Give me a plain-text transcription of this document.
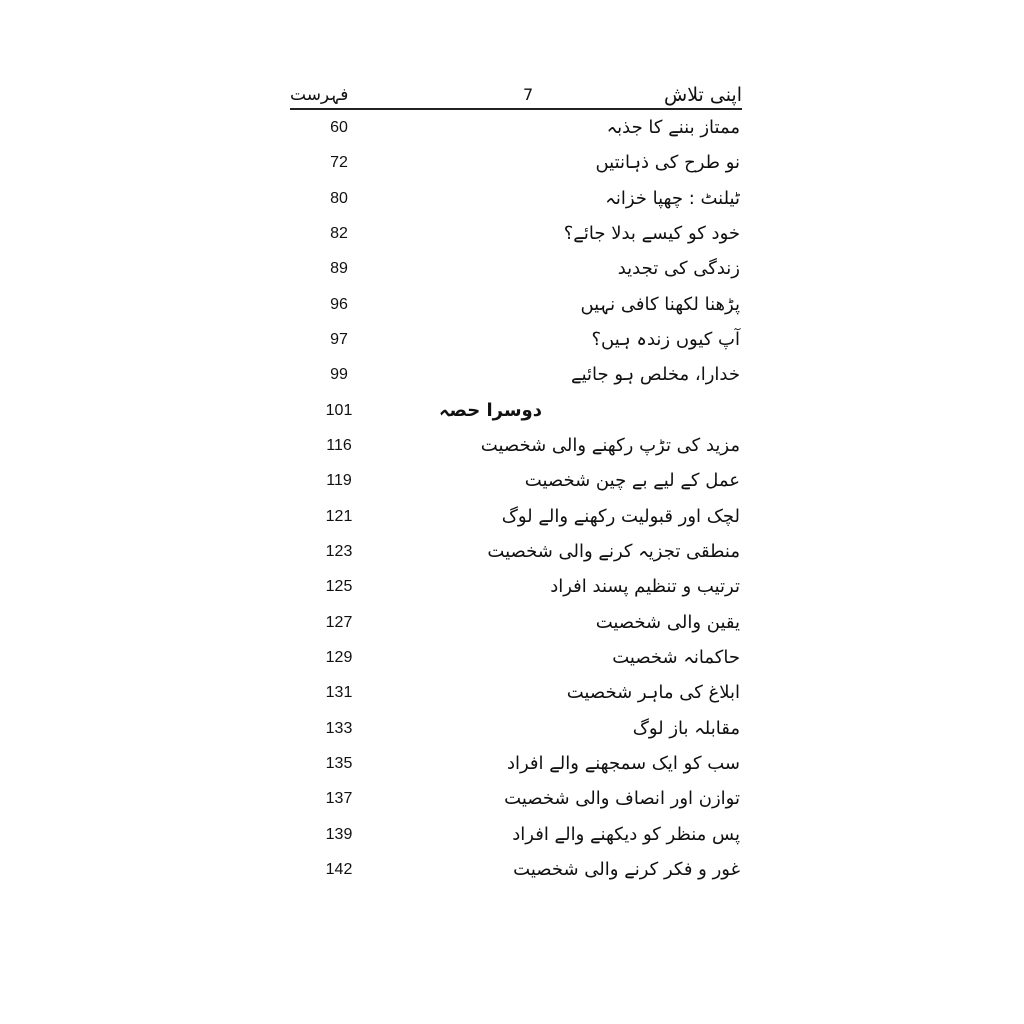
اپنی تلاش
7
فہرست
ممتاز بننے کا جذبہ
60
نو طرح کی ذہانتیں
72
ٹیلنٹ : چھپا خزانہ
80
خود کو کیسے بدلا جائے؟
82
زندگی کی تجدید
89
پڑھنا لکھنا کافی نہیں
96
آپ کیوں زندہ ہیں؟
97
خدارا، مخلص ہو جائیے
99
دوسرا حصہ
101
مزید کی تڑپ رکھنے والی شخصیت
116
عمل کے لیے بے چین شخصیت
119
لچک اور قبولیت رکھنے والے لوگ
121
منطقی تجزیہ کرنے والی شخصیت
123
ترتیب و تنظیم پسند افراد
125
یقین والی شخصیت
127
حاکمانہ شخصیت
129
ابلاغ کی ماہر شخصیت
131
مقابلہ باز لوگ
133
سب کو ایک سمجھنے والے افراد
135
توازن اور انصاف والی شخصیت
137
پس منظر کو دیکھنے والے افراد
139
غور و فکر کرنے والی شخصیت
142
